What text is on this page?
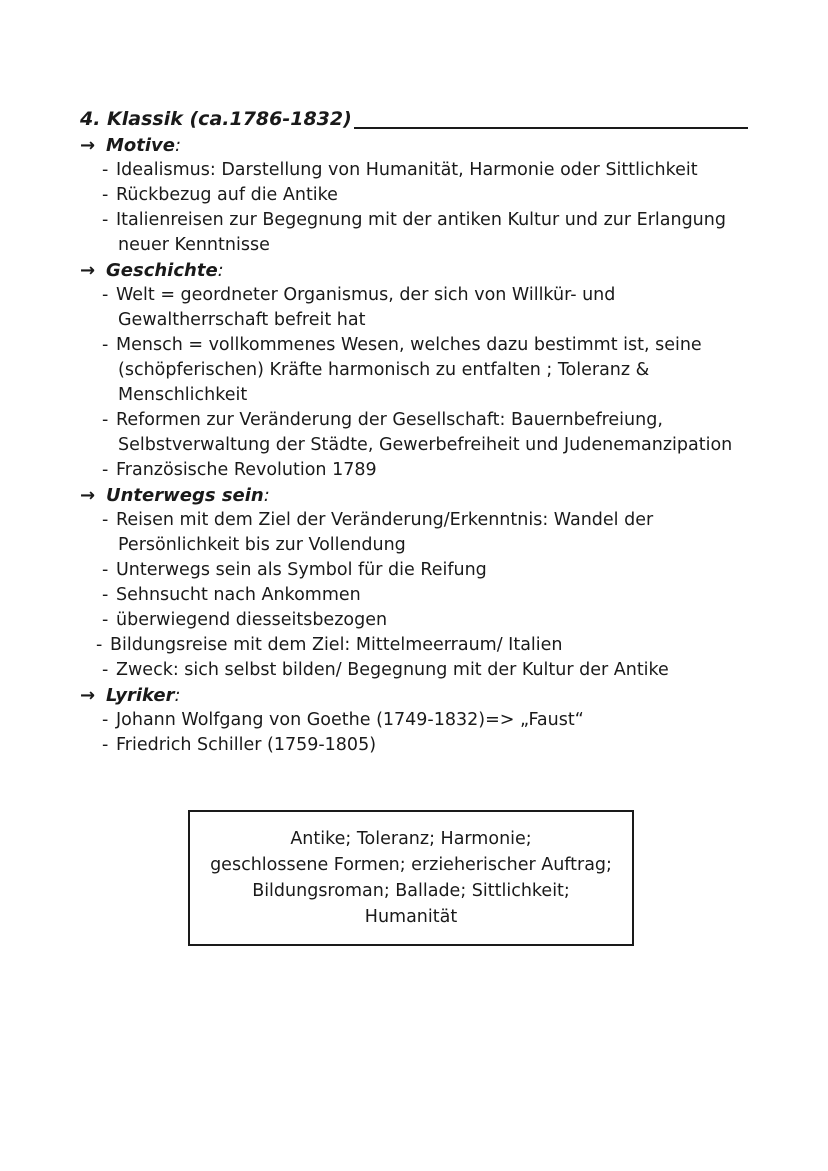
4. Klassik (ca.1786-1832)
→ Motive:
- Idealismus: Darstellung von Humanität, Harmonie oder Sittlichkeit
- Rückbezug auf die Antike
- Italienreisen zur Begegnung mit der antiken Kultur und zur Erlangung
neuer Kenntnisse
→ Geschichte:
- Welt = geordneter Organismus, der sich von Willkür- und
Gewaltherrschaft befreit hat
- Mensch = vollkommenes Wesen, welches dazu bestimmt ist, seine
(schöpferischen) Kräfte harmonisch zu entfalten ; Toleranz &
Menschlichkeit
- Reformen zur Veränderung der Gesellschaft: Bauernbefreiung,
Selbstverwaltung der Städte, Gewerbefreiheit und Judenemanzipation
- Französische Revolution 1789
→ Unterwegs sein:
- Reisen mit dem Ziel der Veränderung/Erkenntnis: Wandel der
Persönlichkeit bis zur Vollendung
- Unterwegs sein als Symbol für die Reifung
- Sehnsucht nach Ankommen
- überwiegend diesseitsbezogen
- Bildungsreise mit dem Ziel: Mittelmeerraum/ Italien
- Zweck: sich selbst bilden/ Begegnung mit der Kultur der Antike
→ Lyriker:
- Johann Wolfgang von Goethe (1749-1832)=> „Faust“
- Friedrich Schiller (1759-1805)
Antike; Toleranz; Harmonie;
geschlossene Formen; erzieherischer Auftrag;
Bildungsroman; Ballade; Sittlichkeit;
Humanität
